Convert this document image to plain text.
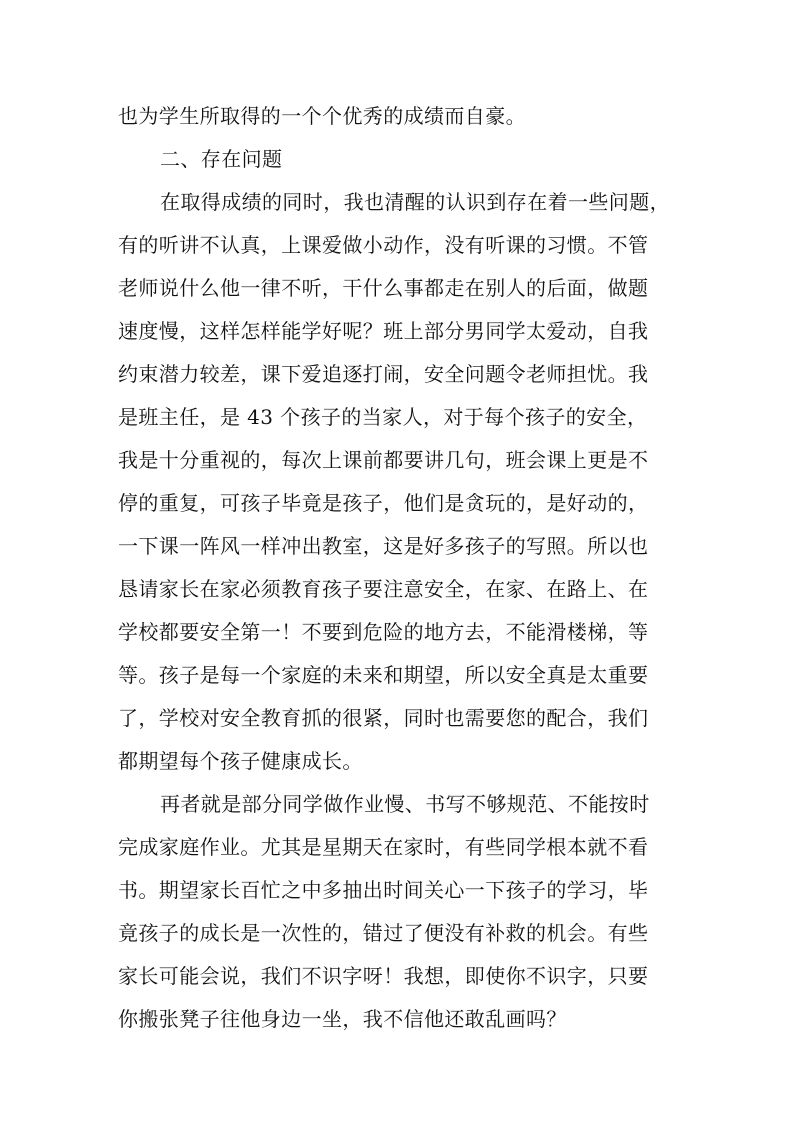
也为学生所取得的一个个优秀的成绩而自豪。
二、存在问题
在取得成绩的同时，我也清醒的认识到存在着一些问题，
有的听讲不认真，上课爱做小动作，没有听课的习惯。不管
老师说什么他一律不听，干什么事都走在别人的后面，做题
速度慢，这样怎样能学好呢？班上部分男同学太爱动，自我
约束潜力较差，课下爱追逐打闹，安全问题令老师担忧。我
是班主任，是 43 个孩子的当家人，对于每个孩子的安全，
我是十分重视的，每次上课前都要讲几句，班会课上更是不
停的重复，可孩子毕竟是孩子，他们是贪玩的，是好动的，
一下课一阵风一样冲出教室，这是好多孩子的写照。所以也
恳请家长在家必须教育孩子要注意安全，在家、在路上、在
学校都要安全第一！不要到危险的地方去，不能滑楼梯，等
等。孩子是每一个家庭的未来和期望，所以安全真是太重要
了，学校对安全教育抓的很紧，同时也需要您的配合，我们
都期望每个孩子健康成长。
再者就是部分同学做作业慢、书写不够规范、不能按时
完成家庭作业。尤其是星期天在家时，有些同学根本就不看
书。期望家长百忙之中多抽出时间关心一下孩子的学习，毕
竟孩子的成长是一次性的，错过了便没有补救的机会。有些
家长可能会说，我们不识字呀！我想，即使你不识字，只要
你搬张凳子往他身边一坐，我不信他还敢乱画吗？
